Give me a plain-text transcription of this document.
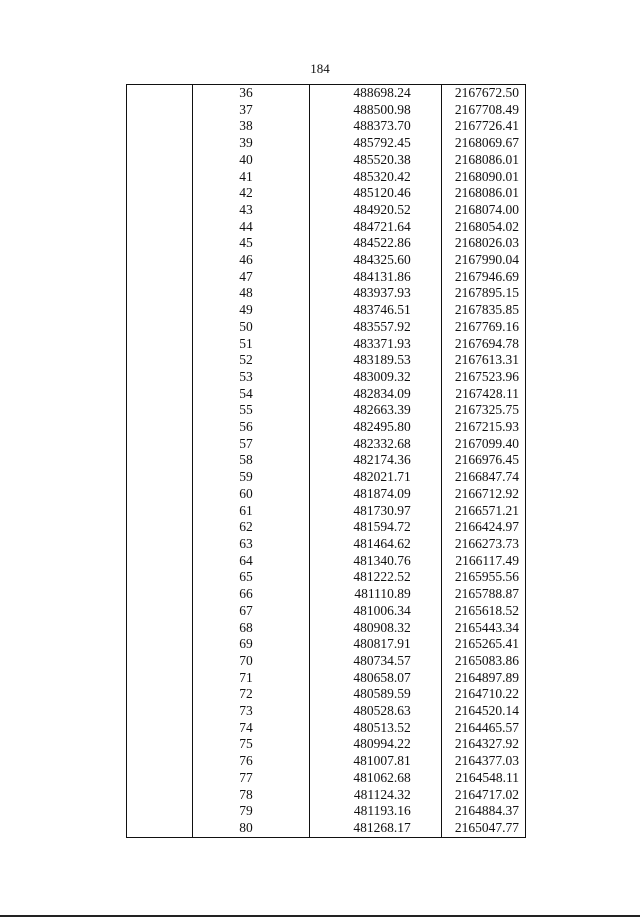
184
	36	488698.24	2167672.50
	37	488500.98	2167708.49
	38	488373.70	2167726.41
	39	485792.45	2168069.67
	40	485520.38	2168086.01
	41	485320.42	2168090.01
	42	485120.46	2168086.01
	43	484920.52	2168074.00
	44	484721.64	2168054.02
	45	484522.86	2168026.03
	46	484325.60	2167990.04
	47	484131.86	2167946.69
	48	483937.93	2167895.15
	49	483746.51	2167835.85
	50	483557.92	2167769.16
	51	483371.93	2167694.78
	52	483189.53	2167613.31
	53	483009.32	2167523.96
	54	482834.09	2167428.11
	55	482663.39	2167325.75
	56	482495.80	2167215.93
	57	482332.68	2167099.40
	58	482174.36	2166976.45
	59	482021.71	2166847.74
	60	481874.09	2166712.92
	61	481730.97	2166571.21
	62	481594.72	2166424.97
	63	481464.62	2166273.73
	64	481340.76	2166117.49
	65	481222.52	2165955.56
	66	481110.89	2165788.87
	67	481006.34	2165618.52
	68	480908.32	2165443.34
	69	480817.91	2165265.41
	70	480734.57	2165083.86
	71	480658.07	2164897.89
	72	480589.59	2164710.22
	73	480528.63	2164520.14
	74	480513.52	2164465.57
	75	480994.22	2164327.92
	76	481007.81	2164377.03
	77	481062.68	2164548.11
	78	481124.32	2164717.02
	79	481193.16	2164884.37
	80	481268.17	2165047.77
